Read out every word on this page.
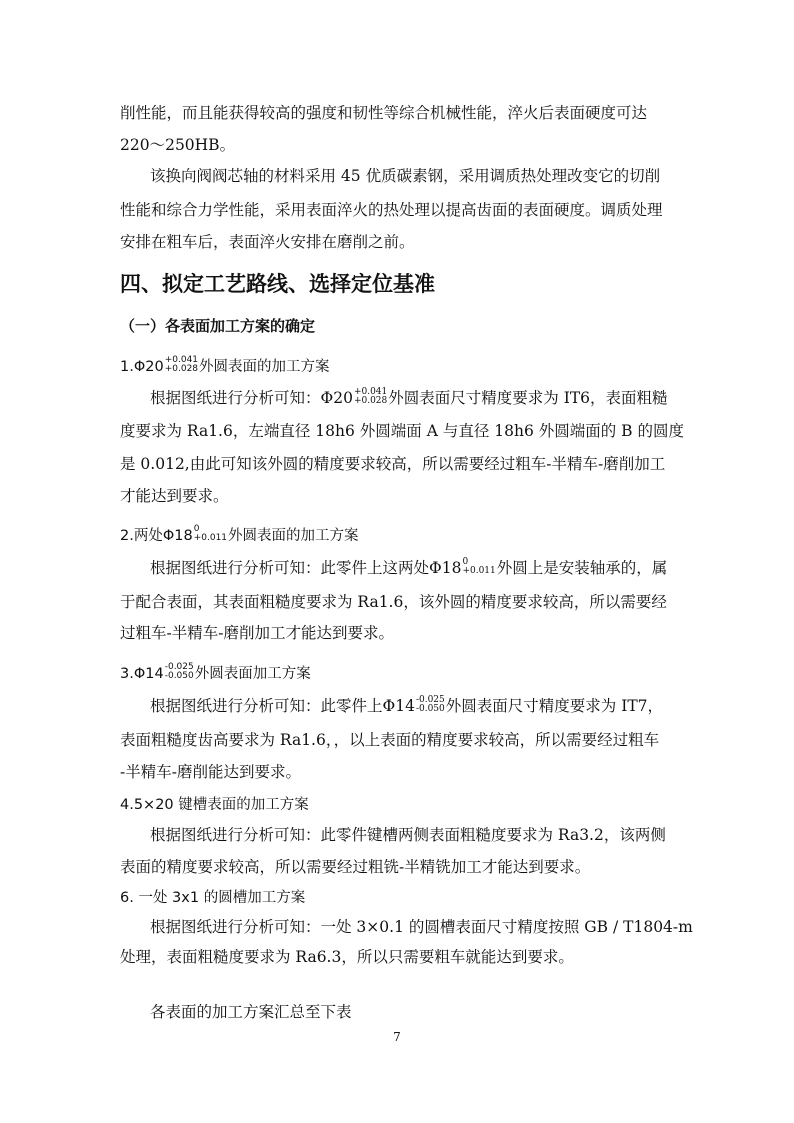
削性能，而且能获得较高的强度和韧性等综合机械性能，淬火后表面硬度可达
220～250HB。
该换向阀阀芯轴的材料采用 45 优质碳素钢，采用调质热处理改变它的切削
性能和综合力学性能，采用表面淬火的热处理以提高齿面的表面硬度。调质处理
安排在粗车后，表面淬火安排在磨削之前。
四、拟定工艺路线、选择定位基准
（一）各表面加工方案的确定
1.Φ20 +0.041
+0.028 外圆表面的加工方案
根据图纸进行分析可知：Φ20 +0.041
+0.028 外圆表面尺寸精度要求为 IT6，表面粗糙
度要求为 Ra1.6，左端直径 18h6 外圆端面 A 与直径 18h6 外圆端面的 B 的圆度
是 0.012,由此可知该外圆的精度要求较高，所以需要经过粗车-半精车-磨削加工
才能达到要求。
2.两处Φ18 0
+0.011 外圆表面的加工方案
根据图纸进行分析可知：此零件上这两处Φ18 0
+0.011 外圆上是安装轴承的，属
于配合表面，其表面粗糙度要求为 Ra1.6，该外圆的精度要求较高，所以需要经
过粗车-半精车-磨削加工才能达到要求。
3.Φ14 -0.025
-0.050 外圆表面加工方案
根据图纸进行分析可知：此零件上Φ14 -0.025
-0.050 外圆表面尺寸精度要求为 IT7，
表面粗糙度齿高要求为 Ra1.6，，以上表面的精度要求较高，所以需要经过粗车
-半精车-磨削能达到要求。
4.5×20 键槽表面的加工方案
根据图纸进行分析可知：此零件键槽两侧表面粗糙度要求为 Ra3.2，该两侧
表面的精度要求较高，所以需要经过粗铣-半精铣加工才能达到要求。
6. 一处 3x1 的圆槽加工方案
根据图纸进行分析可知：一处 3×0.1 的圆槽表面尺寸精度按照 GB / T1804-m
处理，表面粗糙度要求为 Ra6.3，所以只需要粗车就能达到要求。
各表面的加工方案汇总至下表
7
